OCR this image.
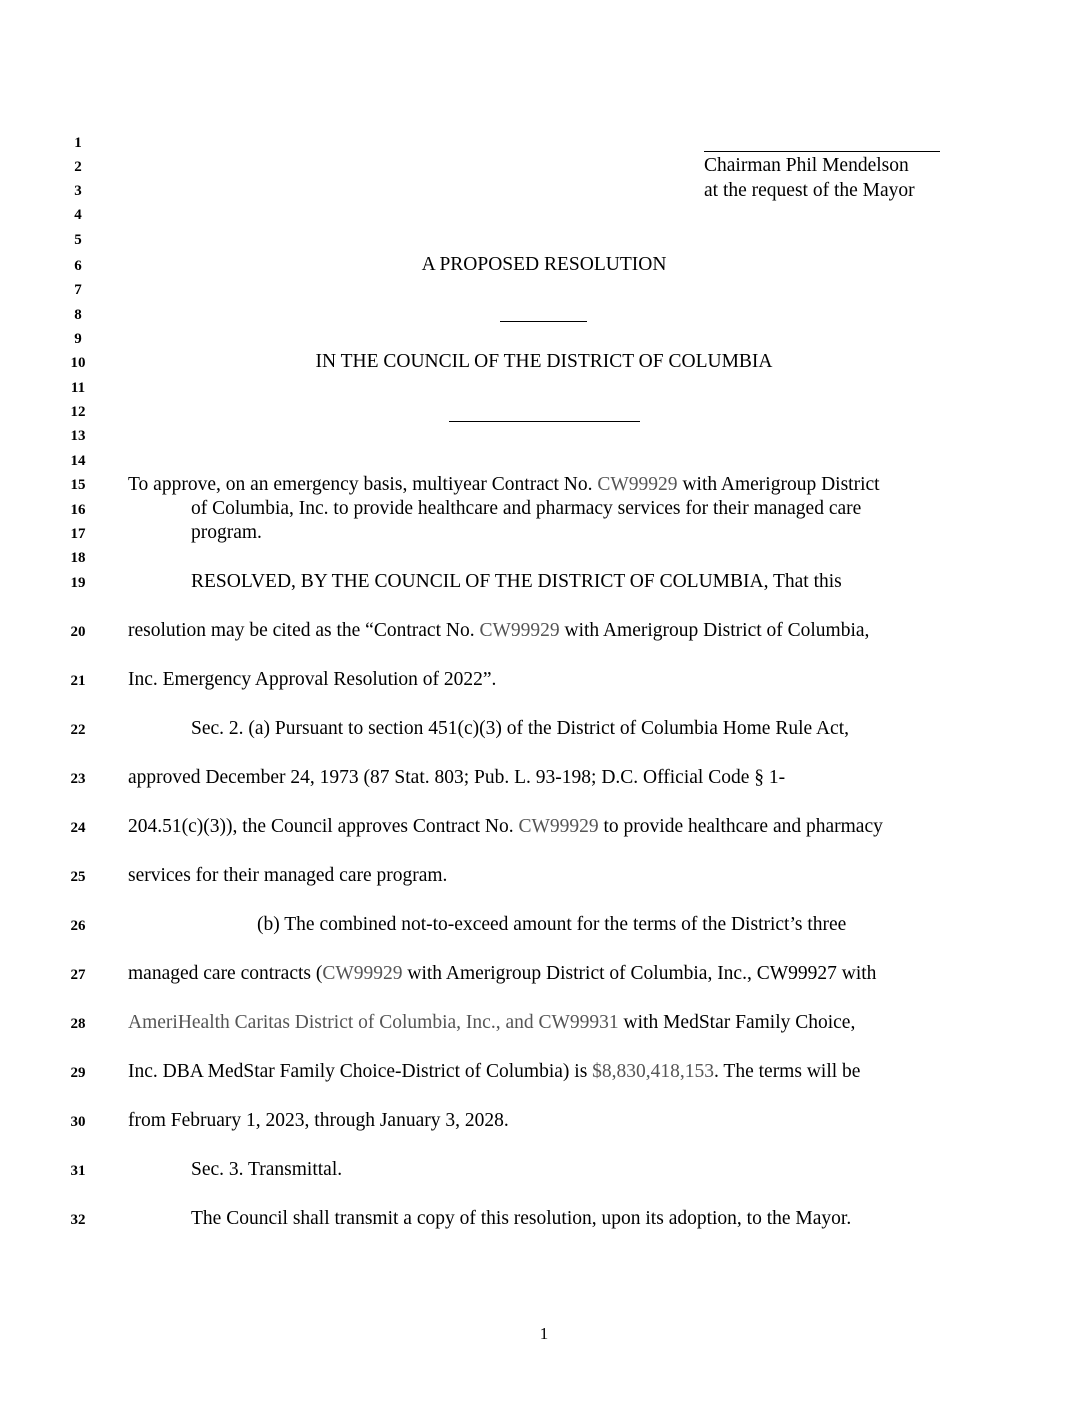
1
2
3
4
5
6
7
8
9
10
11
12
13
14
15
16
17
18
19
20
21
22
23
24
25
26
27
28
29
30
31
32
Chairman Phil Mendelson
at the request of the Mayor
A PROPOSED RESOLUTION
IN THE COUNCIL OF THE DISTRICT OF COLUMBIA
To approve, on an emergency basis, multiyear Contract No. CW99929 with Amerigroup District
of Columbia, Inc. to provide healthcare and pharmacy services for their managed care
program.
RESOLVED, BY THE COUNCIL OF THE DISTRICT OF COLUMBIA, That this
resolution may be cited as the “Contract No. CW99929 with Amerigroup District of Columbia,
Inc. Emergency Approval Resolution of 2022”.
Sec. 2. (a) Pursuant to section 451(c)(3) of the District of Columbia Home Rule Act,
approved December 24, 1973 (87 Stat. 803; Pub. L. 93-198; D.C. Official Code § 1-
204.51(c)(3)), the Council approves Contract No. CW99929 to provide healthcare and pharmacy
services for their managed care program.
(b) The combined not-to-exceed amount for the terms of the District’s three
managed care contracts (CW99929 with Amerigroup District of Columbia, Inc., CW99927 with
AmeriHealth Caritas District of Columbia, Inc., and CW99931 with MedStar Family Choice,
Inc. DBA MedStar Family Choice-District of Columbia) is $8,830,418,153. The terms will be
from February 1, 2023, through January 3, 2028.
Sec. 3. Transmittal.
The Council shall transmit a copy of this resolution, upon its adoption, to the Mayor.
1
